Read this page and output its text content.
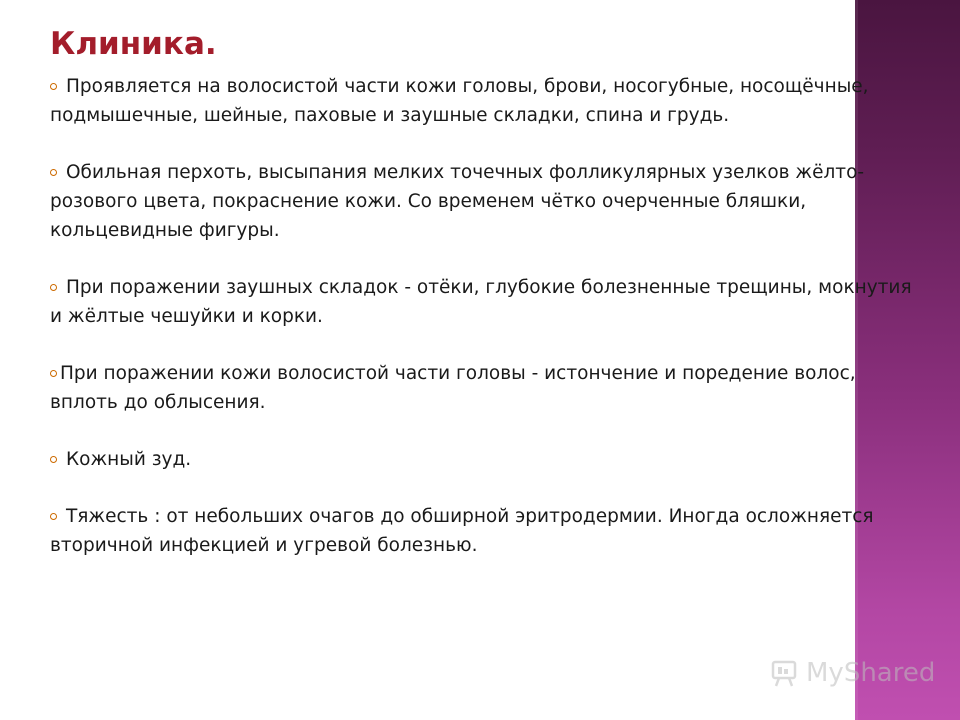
Клиника.
Проявляется на волосистой части кожи головы, брови, носогубные, носощёчные, подмышечные, шейные, паховые и заушные складки, спина и грудь.
Обильная перхоть, высыпания мелких точечных фолликулярных узелков жёлто-розового цвета, покраснение кожи. Со временем чётко очерченные бляшки, кольцевидные фигуры.
При поражении заушных складок - отёки, глубокие болезненные трещины, мокнутия и жёлтые чешуйки и корки.
При поражении кожи волосистой части головы - истончение и поредение волос, вплоть до облысения.
Кожный зуд.
Тяжесть : от небольших очагов до обширной эритродермии. Иногда осложняется вторичной инфекцией и угревой болезнью.
MyShared
